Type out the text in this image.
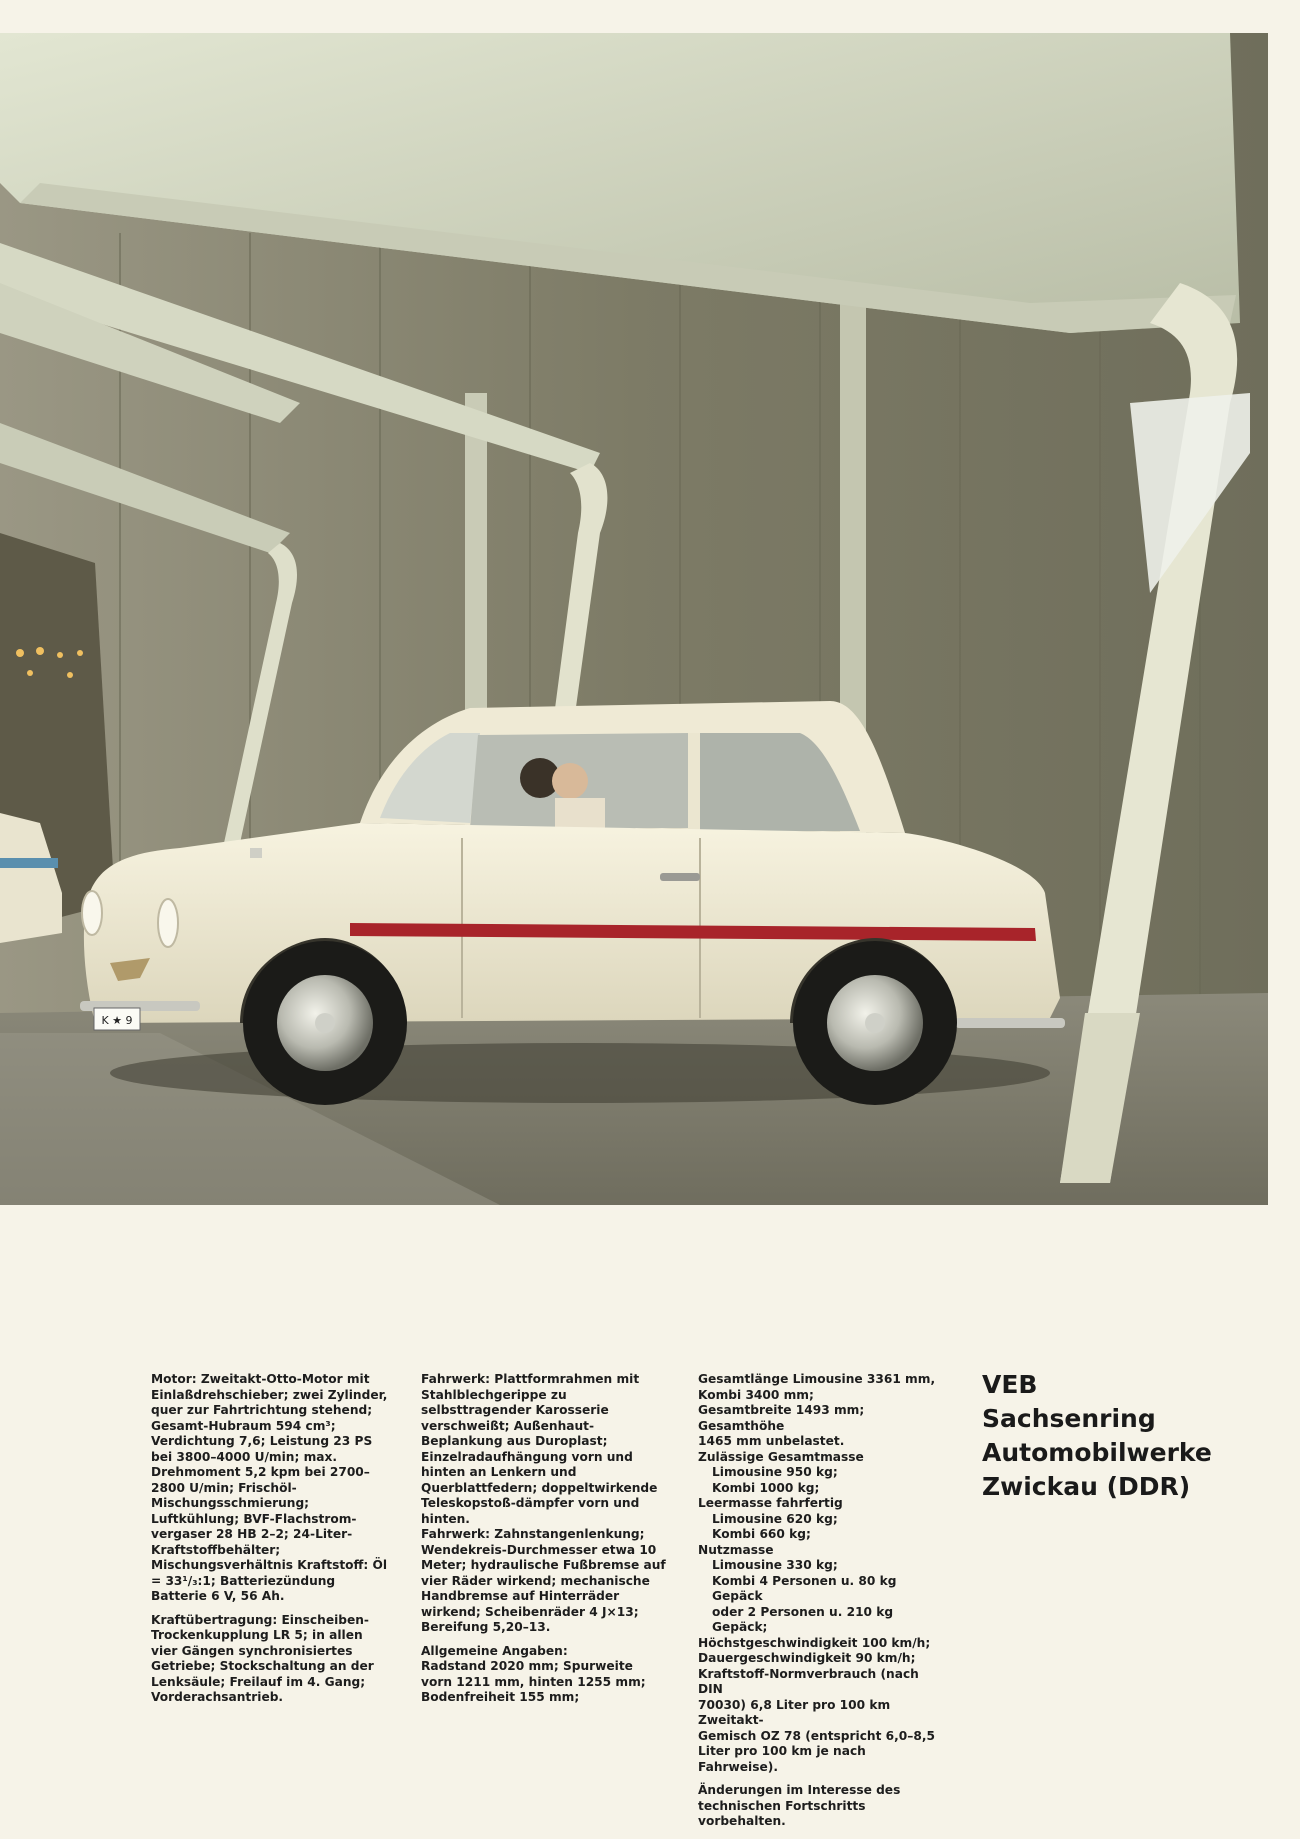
K ★ 9

Motor: Zweitakt-Otto-Motor mit Einlaßdrehschieber; zwei Zylinder, quer zur Fahrtrichtung stehend; Gesamt-Hubraum 594 cm³; Verdichtung 7,6; Leistung 23 PS bei 3800–4000 U/min; max. Drehmoment 5,2 kpm bei 2700–2800 U/min; Frischöl-Mischungsschmierung; Luftkühlung; BVF-Flachstrom-vergaser 28 HB 2–2; 24-Liter-Kraftstoffbehälter; Mischungsverhältnis Kraftstoff: Öl = 33¹/₃:1; Batteriezündung Batterie 6 V, 56 Ah.

Kraftübertragung: Einscheiben-Trockenkupplung LR 5; in allen vier Gängen synchronisiertes Getriebe; Stockschaltung an der Lenksäule; Freilauf im 4. Gang; Vorderachsantrieb.

Fahrwerk: Plattformrahmen mit Stahlblechgerippe zu selbsttragender Karosserie verschweißt; Außenhaut-Beplankung aus Duroplast; Einzelradaufhängung vorn und hinten an Lenkern und Querblattfedern; doppeltwirkende Teleskopstoß-dämpfer vorn und hinten.

Fahrwerk: Zahnstangenlenkung; Wendekreis-Durchmesser etwa 10 Meter; hydraulische Fußbremse auf vier Räder wirkend; mechanische Handbremse auf Hinterräder wirkend; Scheibenräder 4 J×13; Bereifung 5,20–13.

Allgemeine Angaben:
Radstand 2020 mm; Spurweite vorn 1211 mm, hinten 1255 mm; Bodenfreiheit 155 mm;

Gesamtlänge Limousine 3361 mm,

Kombi 3400 mm;

Gesamtbreite 1493 mm; Gesamthöhe

1465 mm unbelastet.

Zulässige Gesamtmasse

Limousine 950 kg;

Kombi 1000 kg;

Leermasse fahrfertig

Limousine 620 kg;

Kombi 660 kg;

Nutzmasse

Limousine 330 kg;

Kombi 4 Personen u. 80 kg Gepäck

oder 2 Personen u. 210 kg Gepäck;

Höchstgeschwindigkeit 100 km/h;

Dauergeschwindigkeit 90 km/h;

Kraftstoff-Normverbrauch (nach DIN

70030) 6,8 Liter pro 100 km Zweitakt-

Gemisch OZ 78 (entspricht 6,0–8,5

Liter pro 100 km je nach Fahrweise).

Änderungen im Interesse des technischen Fortschritts vorbehalten.

VEB

Sachsenring

Automobilwerke

Zwickau (DDR)
